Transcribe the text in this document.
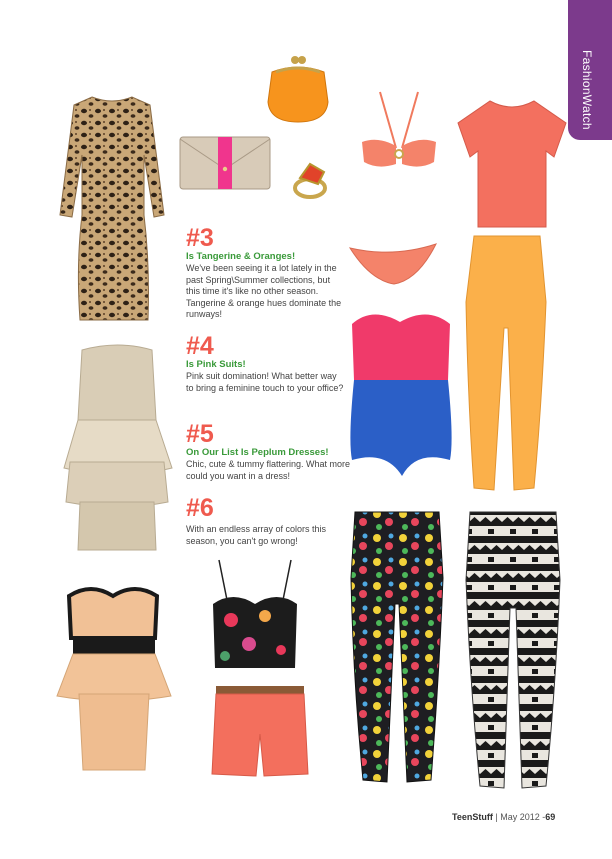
FashionWatch
#3
Is Tangerine & Oranges!
We've been seeing it a lot lately in the past Spring\Summer collections, but this time it's like no other season. Tangerine & orange hues dominate the runways!
#4
Is Pink Suits!
Pink suit domination! What better way to bring a feminine touch to your office?
#5
On Our List Is Peplum Dresses!
Chic, cute & tummy flattering. What more could you want in a dress!
#6
With an endless array of colors this season, you can't go wrong!
TeenStuff | May 2012 -69
